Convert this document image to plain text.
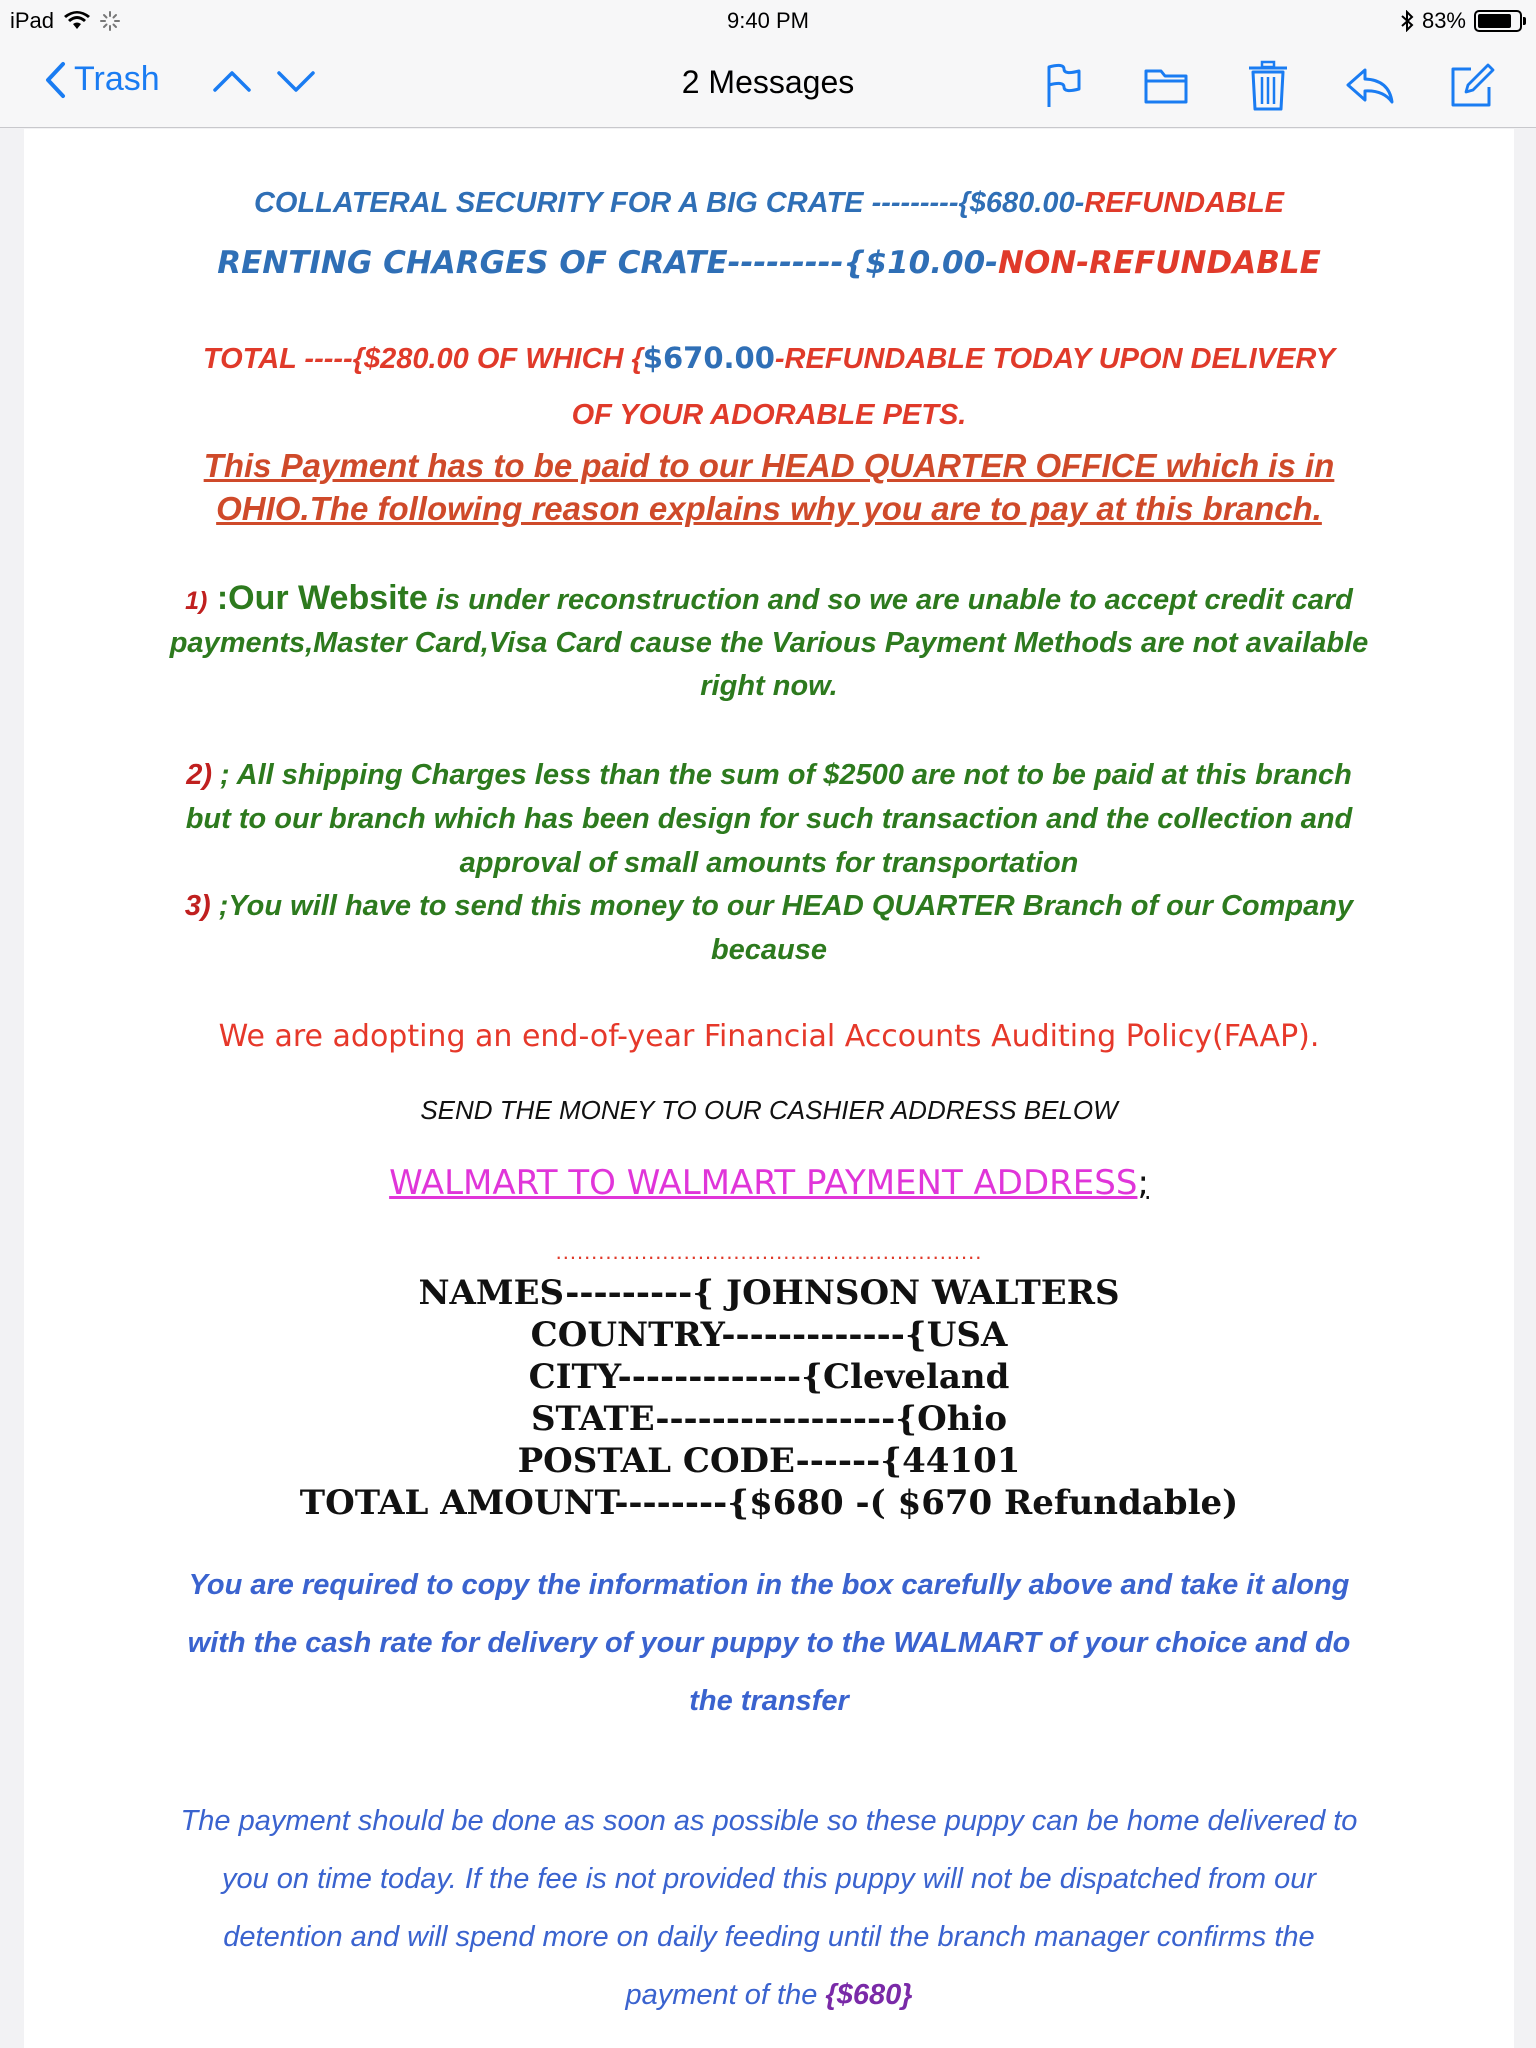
iPad	9:40 PM	83%
Trash	2 Messages
COLLATERAL SECURITY FOR A BIG CRATE ---------{$680.00-REFUNDABLE
RENTING CHARGES OF CRATE---------{$10.00-NON-REFUNDABLE
TOTAL -----{$280.00 OF WHICH {$670.00-REFUNDABLE TODAY UPON DELIVERY
OF YOUR ADORABLE PETS.
This Payment has to be paid to our HEAD QUARTER OFFICE which is in
OHIO.The following reason explains why you are to pay at this branch.
1) :Our Website is under reconstruction and so we are unable to accept credit card
payments,Master Card,Visa Card cause the Various Payment Methods are not available
right now.
2) ; All shipping Charges less than the sum of $2500 are not to be paid at this branch
but to our branch which has been design for such transaction and the collection and
approval of small amounts for transportation
3) ;You will have to send this money to our HEAD QUARTER Branch of our Company
because
We are adopting an end-of-year Financial Accounts Auditing Policy(FAAP).
SEND THE MONEY TO OUR CASHIER ADDRESS BELOW
WALMART TO WALMART PAYMENT ADDRESS;
............................................................
NAMES---------{ JOHNSON WALTERS
COUNTRY-------------{USA
CITY-------------{Cleveland
STATE-----------------{Ohio
POSTAL CODE------{44101
TOTAL AMOUNT--------{$680 -( $670 Refundable)
You are required to copy the information in the box carefully above and take it along
with the cash rate for delivery of your puppy to the WALMART of your choice and do
the transfer
The payment should be done as soon as possible so these puppy can be home delivered to
you on time today. If the fee is not provided this puppy will not be dispatched from our
detention and will spend more on daily feeding until the branch manager confirms the
payment of the {$680}
